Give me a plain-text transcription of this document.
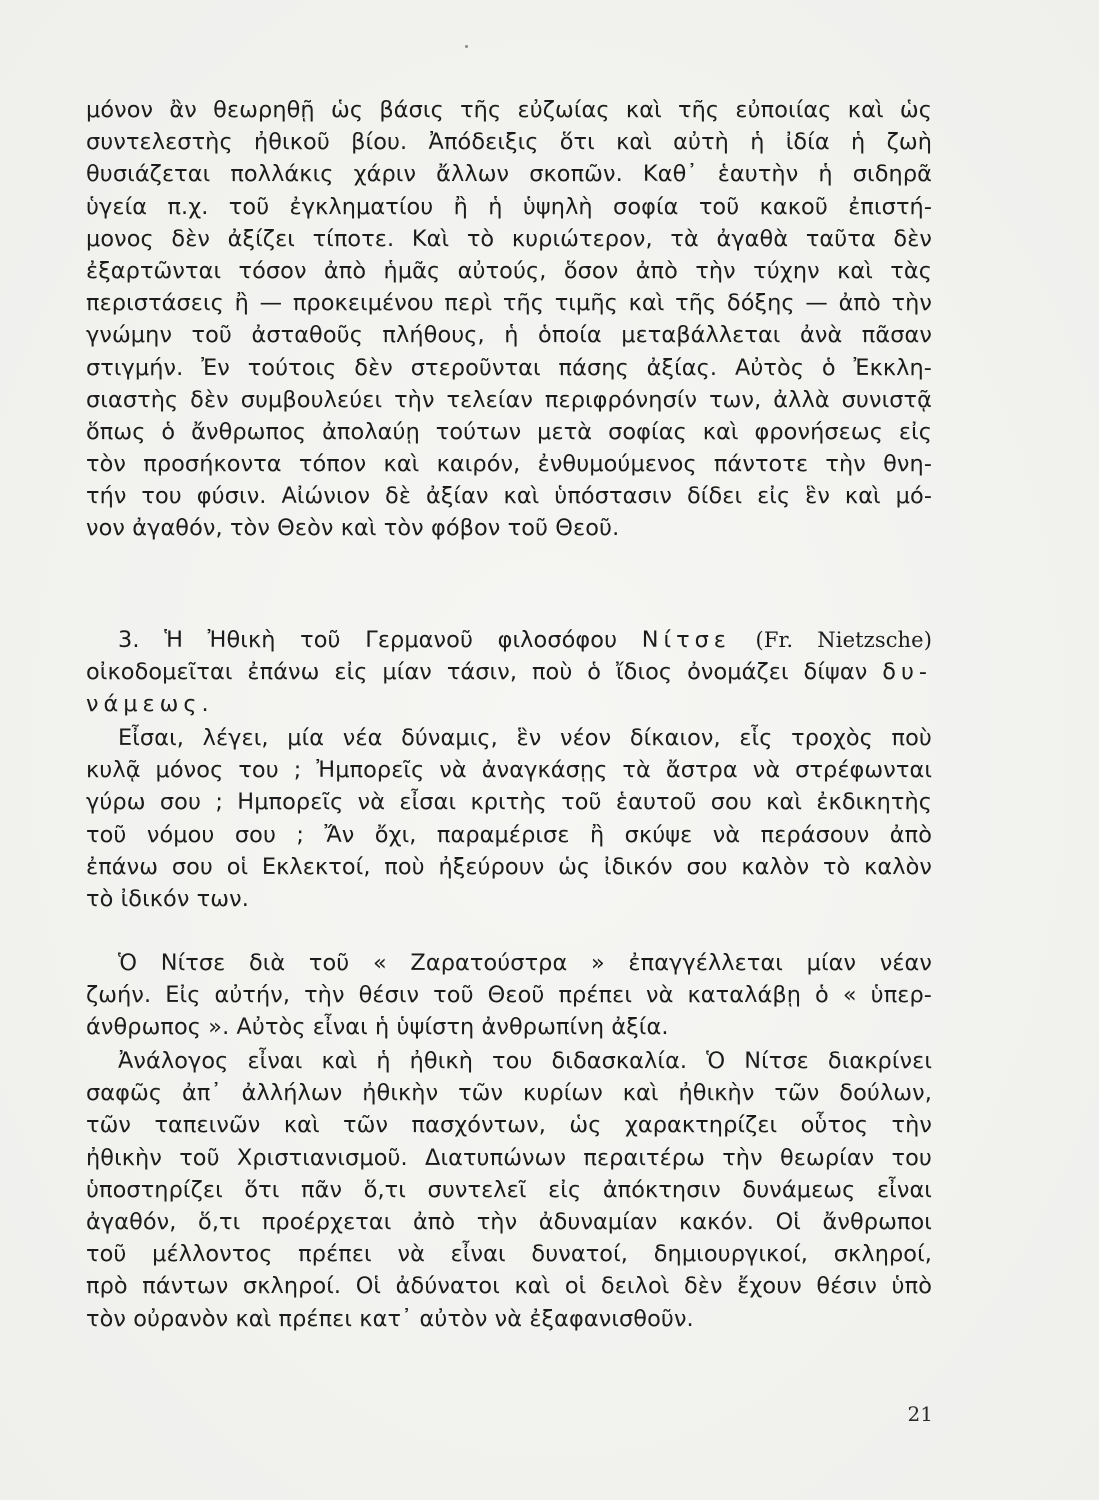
μόνον ἂν θεωρηθῇ ὡς βάσις τῆς εὐζωίας καὶ τῆς εὐποιίας καὶ ὡς
συντελεστὴς ἠθικοῦ βίου. Ἀπόδειξις ὅτι καὶ αὐτὴ ἡ ἰδία ἡ ζωὴ
θυσιάζεται πολλάκις χάριν ἄλλων σκοπῶν. Καθ᾽ ἑαυτὴν ἡ σιδηρᾶ
ὑγεία π.χ. τοῦ ἐγκληματίου ἢ ἡ ὑψηλὴ σοφία τοῦ κακοῦ ἐπιστή-
μονος δὲν ἀξίζει τίποτε. Καὶ τὸ κυριώτερον, τὰ ἀγαθὰ ταῦτα δὲν
ἐξαρτῶνται τόσον ἀπὸ ἡμᾶς αὐτούς, ὅσον ἀπὸ τὴν τύχην καὶ τὰς
περιστάσεις ἢ — προκειμένου περὶ τῆς τιμῆς καὶ τῆς δόξης — ἀπὸ τὴν
γνώμην τοῦ ἀσταθοῦς πλήθους, ἡ ὁποία μεταβάλλεται ἀνὰ πᾶσαν
στιγμήν. Ἐν τούτοις δὲν στεροῦνται πάσης ἀξίας. Αὐτὸς ὁ Ἐκκλη-
σιαστὴς δὲν συμβουλεύει τὴν τελείαν περιφρόνησίν των, ἀλλὰ συνιστᾷ
ὅπως ὁ ἄνθρωπος ἀπολαύῃ τούτων μετὰ σοφίας καὶ φρονήσεως εἰς
τὸν προσήκοντα τόπον καὶ καιρόν, ἐνθυμούμενος πάντοτε τὴν θνη-
τήν του φύσιν. Αἰώνιον δὲ ἀξίαν καὶ ὑπόστασιν δίδει εἰς ἓν καὶ μό-
νον ἀγαθόν, τὸν Θεὸν καὶ τὸν φόβον τοῦ Θεοῦ.
3. Ἡ Ἠθικὴ τοῦ Γερμανοῦ φιλοσόφου Νίτσε (Fr. Nietzsche)
οἰκοδομεῖται ἐπάνω εἰς μίαν τάσιν, ποὺ ὁ ἴδιος ὀνομάζει δίψαν δυ-
νάμεως.
Εἶσαι, λέγει, μία νέα δύναμις, ἓν νέον δίκαιον, εἷς τροχὸς ποὺ
κυλᾷ μόνος του ; Ἠμπορεῖς νὰ ἀναγκάσῃς τὰ ἄστρα νὰ στρέφωνται
γύρω σου ; Ημπορεῖς νὰ εἶσαι κριτὴς τοῦ ἑαυτοῦ σου καὶ ἐκδικητὴς
τοῦ νόμου σου ; Ἄν ὄχι, παραμέρισε ἢ σκύψε νὰ περάσουν ἀπὸ
ἐπάνω σου οἱ Εκλεκτοί, ποὺ ἠξεύρουν ὡς ἰδικόν σου καλὸν τὸ καλὸν
τὸ ἰδικόν των.
Ὁ Νίτσε διὰ τοῦ « Ζαρατούστρα » ἐπαγγέλλεται μίαν νέαν
ζωήν. Εἰς αὐτήν, τὴν θέσιν τοῦ Θεοῦ πρέπει νὰ καταλάβῃ ὁ « ὑπερ-
άνθρωπος ». Αὐτὸς εἶναι ἡ ὑψίστη ἀνθρωπίνη ἀξία.
Ἀνάλογος εἶναι καὶ ἡ ἠθικὴ του διδασκαλία. Ὁ Νίτσε διακρίνει
σαφῶς ἀπ᾽ ἀλλήλων ἠθικὴν τῶν κυρίων καὶ ἠθικὴν τῶν δούλων,
τῶν ταπεινῶν καὶ τῶν πασχόντων, ὡς χαρακτηρίζει οὗτος τὴν
ἠθικὴν τοῦ Χριστιανισμοῦ. Διατυπώνων περαιτέρω τὴν θεωρίαν του
ὑποστηρίζει ὅτι πᾶν ὅ,τι συντελεῖ εἰς ἀπόκτησιν δυνάμεως εἶναι
ἀγαθόν, ὅ,τι προέρχεται ἀπὸ τὴν ἀδυναμίαν κακόν. Οἱ ἄνθρωποι
τοῦ μέλλοντος πρέπει νὰ εἶναι δυνατοί, δημιουργικοί, σκληροί,
πρὸ πάντων σκληροί. Οἱ ἀδύνατοι καὶ οἱ δειλοὶ δὲν ἔχουν θέσιν ὑπὸ
τὸν οὐρανὸν καὶ πρέπει κατ᾽ αὐτὸν νὰ ἐξαφανισθοῦν.
21
